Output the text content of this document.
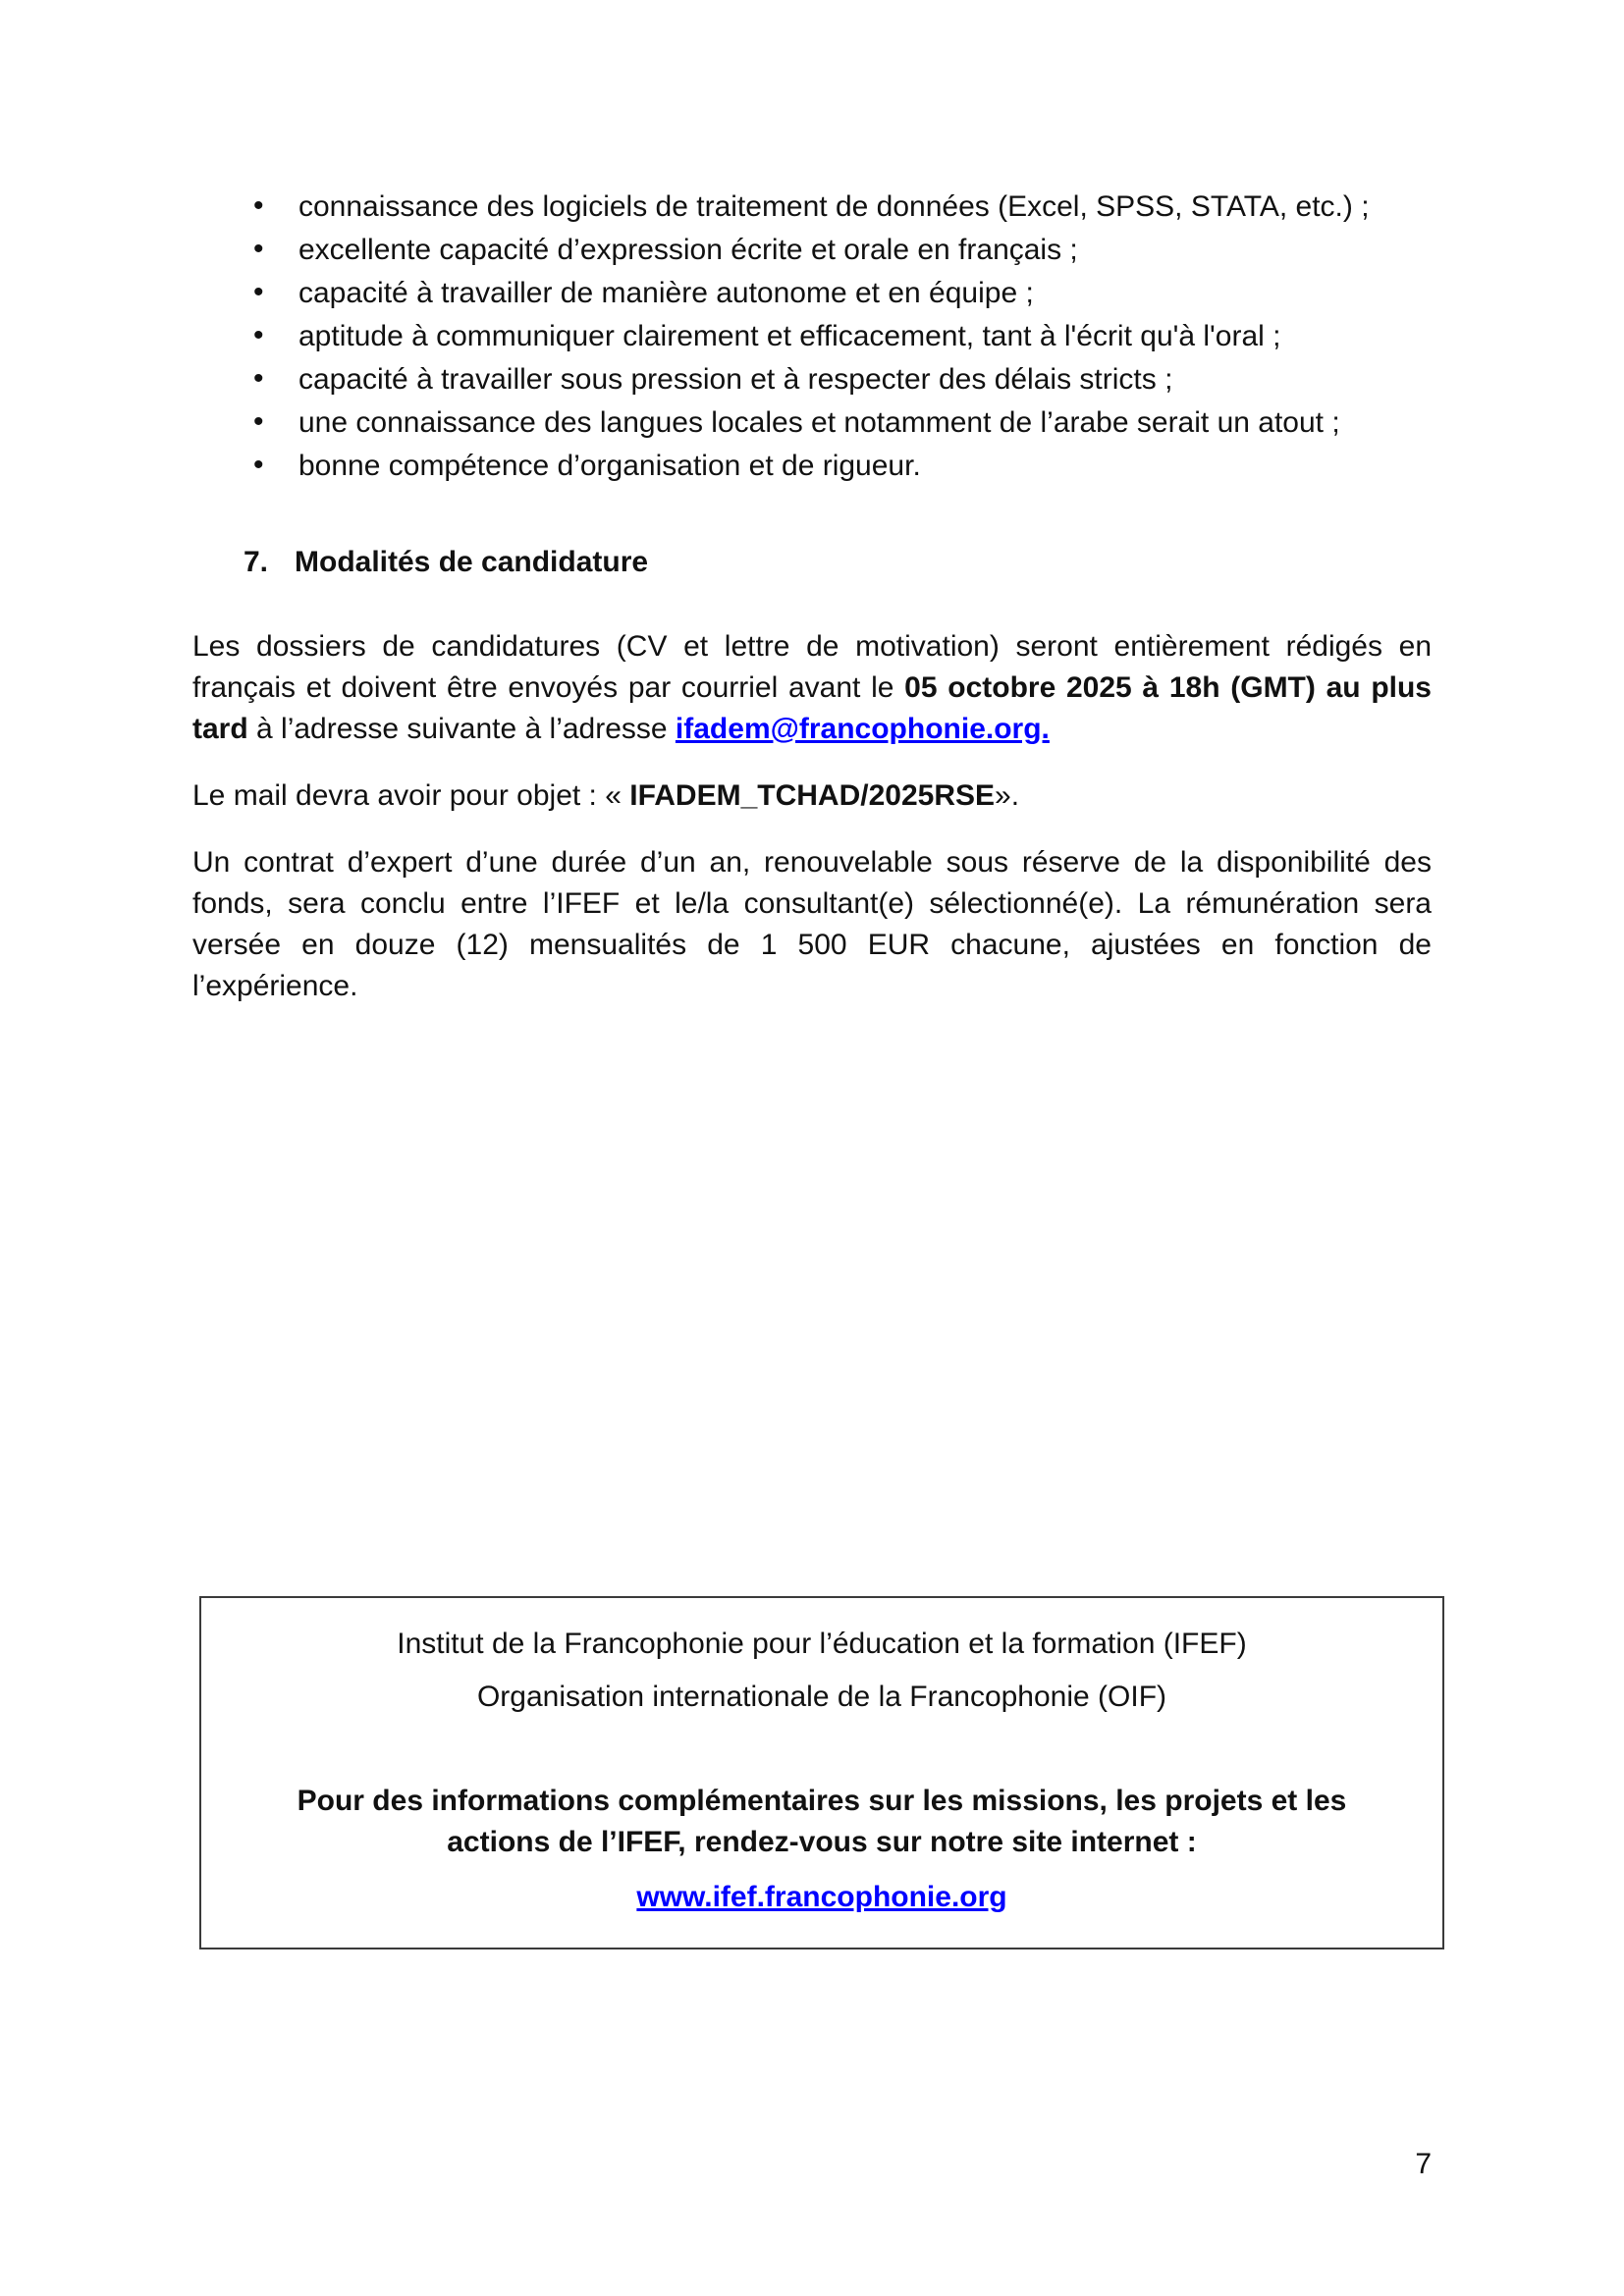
• connaissance des logiciels de traitement de données (Excel, SPSS, STATA, etc.) ;
• excellente capacité d’expression écrite et orale en français ;
• capacité à travailler de manière autonome et en équipe ;
• aptitude à communiquer clairement et efficacement, tant à l'écrit qu'à l'oral ;
• capacité à travailler sous pression et à respecter des délais stricts ;
• une connaissance des langues locales et notamment de l’arabe serait un atout ;
• bonne compétence d’organisation et de rigueur.
7. Modalités de candidature

Les dossiers de candidatures (CV et lettre de motivation) seront entièrement rédigés en français et doivent être envoyés par courriel avant le 05 octobre 2025 à 18h (GMT) au plus tard à l’adresse suivante à l’adresse ifadem@francophonie.org.

Le mail devra avoir pour objet : « IFADEM_TCHAD/2025RSE».

Un contrat d’expert d’une durée d’un an, renouvelable sous réserve de la disponibilité des fonds, sera conclu entre l’IFEF et le/la consultant(e) sélectionné(e). La rémunération sera versée en douze (12) mensualités de 1 500 EUR chacune, ajustées en fonction de l’expérience.

Institut de la Francophonie pour l’éducation et la formation (IFEF)

Organisation internationale de la Francophonie (OIF)

Pour des informations complémentaires sur les missions, les projets et les actions de l’IFEF, rendez-vous sur notre site internet :

www.ifef.francophonie.org

7
